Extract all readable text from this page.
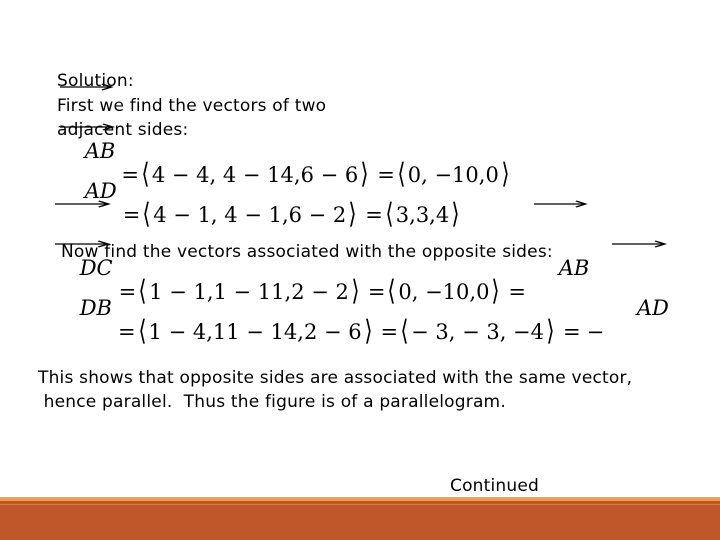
Solution:
First we find the vectors of two
adjacent sides:

AB

= ⟨ 4 − 4, 4 − 14,6 − 6 ⟩ = ⟨ 0, −10,0 ⟩

AD

= ⟨ 4 − 1, 4 − 1,6 − 2 ⟩ = ⟨ 3,3,4 ⟩
Now find the vectors associated with the opposite sides:

DC

= ⟨ 1 − 1,1 − 11,2 − 2 ⟩ = ⟨ 0, −10,0 ⟩ =

AB

DB

= ⟨ 1 − 4,11 − 14,2 − 6 ⟩ = ⟨ − 3, − 3, −4 ⟩ = −

AD

This shows that opposite sides are associated with the same vector,
hence parallel.  Thus the figure is of a parallelogram.
Continued
